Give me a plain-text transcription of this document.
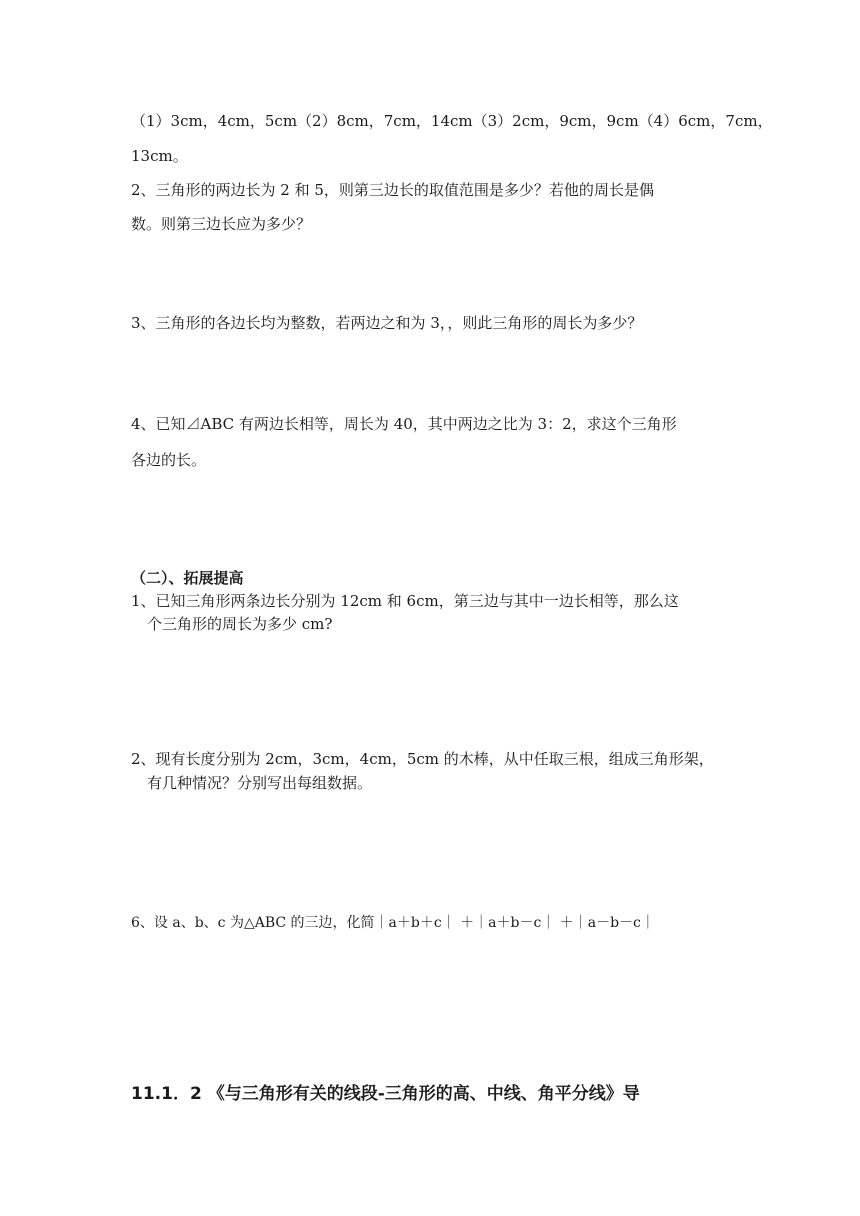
（1）3cm，4cm，5cm（2）8cm，7cm，14cm（3）2cm，9cm，9cm（4）6cm，7cm，
13cm。
2、三角形的两边长为 2 和 5，则第三边长的取值范围是多少？若他的周长是偶
数。则第三边长应为多少？
3、三角形的各边长均为整数，若两边之和为 3，，则此三角形的周长为多少？
4、已知⊿ABC 有两边长相等，周长为 40，其中两边之比为 3：2，求这个三角形
各边的长。
（二）、拓展提高
1、已知三角形两条边长分别为 12cm 和 6cm，第三边与其中一边长相等，那么这
个三角形的周长为多少 cm?
2、现有长度分别为 2cm，3cm，4cm，5cm 的木棒，从中任取三根，组成三角形架，
有几种情况？分别写出每组数据。
6、设 a、b、c 为△ABC 的三边，化简｜a＋b＋c｜ ＋｜a＋b－c｜ ＋｜a－b－c｜
11.1．2 《与三角形有关的线段-三角形的高、中线、角平分线》导
